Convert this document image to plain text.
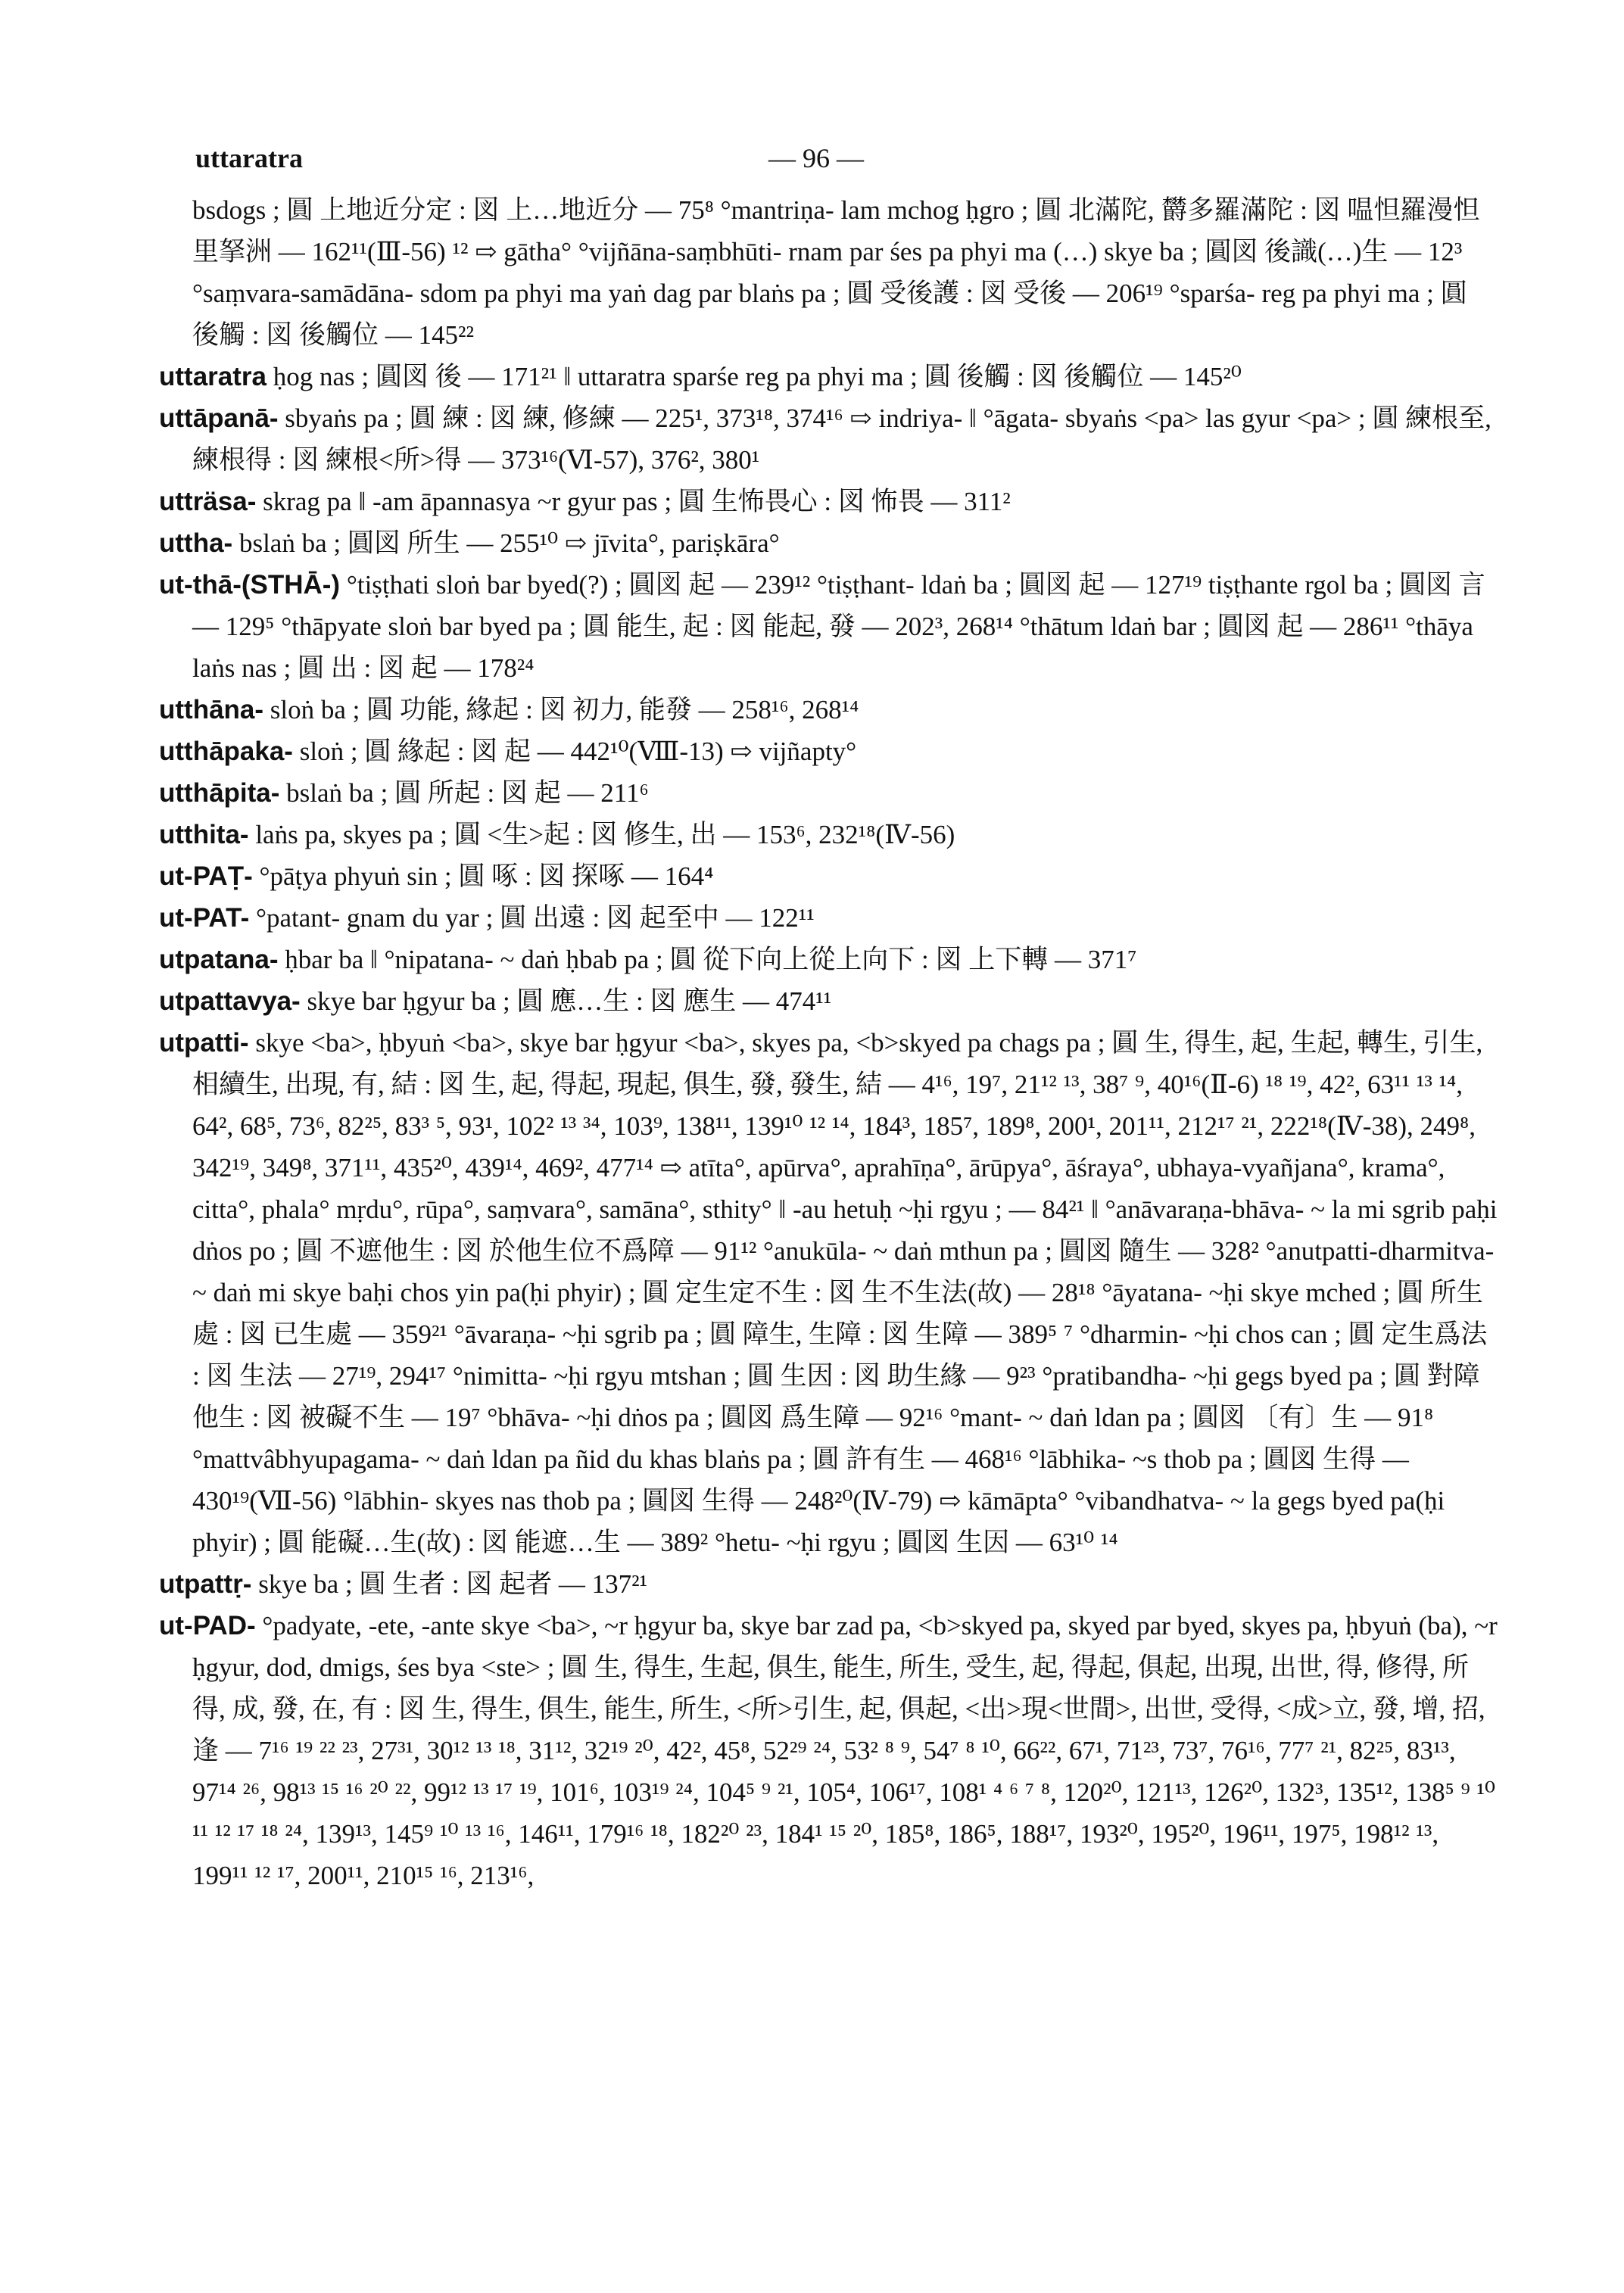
uttaratra	— 96 —

bsdogs ; 圓 上地近分定 : 図 上…地近分 — 75⁸ °mantriṇa- lam mchog ḥgro ; 圓 北滿陀, 欝多羅滿陀 : 図 嗢怛羅漫怛里拏洲 — 162¹¹(Ⅲ-56) ¹² ⇨ gātha° °vijñāna-saṃbhūti- rnam par śes pa phyi ma (…) skye ba ; 圓図 後識(…)生 — 12³ °saṃvara-samādāna- sdom pa phyi ma yaṅ dag par blaṅs pa ; 圓 受後護 : 図 受後 — 206¹⁹ °sparśa- reg pa phyi ma ; 圓 後觸 : 図 後觸位 — 145²²

uttaratra ḥog nas ; 圓図 後 — 171²¹ ‖ uttaratra sparśe reg pa phyi ma ; 圓 後觸 : 図 後觸位 — 145²⁰

uttāpanā- sbyaṅs pa ; 圓 練 : 図 練, 修練 — 225¹, 373¹⁸, 374¹⁶ ⇨ indriya- ‖ °āgata- sbyaṅs <pa> las gyur <pa> ; 圓 練根至, 練根得 : 図 練根<所>得 — 373¹⁶(Ⅵ-57), 376², 380¹

utträsa- skrag pa ‖ -am āpannasya ~r gyur pas ; 圓 生怖畏心 : 図 怖畏 — 311²

uttha- bslaṅ ba ; 圓図 所生 — 255¹⁰ ⇨ jīvita°, pariṣkāra°

ut-thā-(STHĀ-) °tiṣṭhati sloṅ bar byed(?) ; 圓図 起 — 239¹² °tiṣṭhant- ldaṅ ba ; 圓図 起 — 127¹⁹ tiṣṭhante rgol ba ; 圓図 言 — 129⁵ °thāpyate sloṅ bar byed pa ; 圓 能生, 起 : 図 能起, 發 — 202³, 268¹⁴ °thātum ldaṅ bar ; 圓図 起 — 286¹¹ °thāya laṅs nas ; 圓 出 : 図 起 — 178²⁴

utthāna- sloṅ ba ; 圓 功能, 緣起 : 図 初力, 能發 — 258¹⁶, 268¹⁴

utthāpaka- sloṅ ; 圓 緣起 : 図 起 — 442¹⁰(Ⅷ-13) ⇨ vijñapty°

utthāpita- bslaṅ ba ; 圓 所起 : 図 起 — 211⁶

utthita- laṅs pa, skyes pa ; 圓 <生>起 : 図 修生, 出 — 153⁶, 232¹⁸(Ⅳ-56)

ut-PAṬ- °pāṭya phyuṅ sin ; 圓 啄 : 図 探啄 — 164⁴

ut-PAT- °patant- gnam du yar ; 圓 出遠 : 図 起至中 — 122¹¹

utpatana- ḥbar ba ‖ °nipatana- ~ daṅ ḥbab pa ; 圓 從下向上從上向下 : 図 上下轉 — 371⁷

utpattavya- skye bar ḥgyur ba ; 圓 應…生 : 図 應生 — 474¹¹

utpatti- skye <ba>, ḥbyuṅ <ba>, skye bar ḥgyur <ba>, skyes pa, <b>skyed pa chags pa ; 圓 生, 得生, 起, 生起, 轉生, 引生, 相續生, 出現, 有, 結 : 図 生, 起, 得起, 現起, 俱生, 發, 發生, 結 — 4¹⁶, 19⁷, 21¹² ¹³, 38⁷ ⁹, 40¹⁶(Ⅱ-6) ¹⁸ ¹⁹, 42², 63¹¹ ¹³ ¹⁴, 64², 68⁵, 73⁶, 82²⁵, 83³ ⁵, 93¹, 102² ¹³ ³⁴, 103⁹, 138¹¹, 139¹⁰ ¹² ¹⁴, 184³, 185⁷, 189⁸, 200¹, 201¹¹, 212¹⁷ ²¹, 222¹⁸(Ⅳ-38), 249⁸, 342¹⁹, 349⁸, 371¹¹, 435²⁰, 439¹⁴, 469², 477¹⁴ ⇨ atīta°, apūrva°, aprahīṇa°, ārūpya°, āśraya°, ubhaya-vyañjana°, krama°, citta°, phala° mṛdu°, rūpa°, saṃvara°, samāna°, sthity° ‖ -au hetuḥ ~ḥi rgyu ; — 84²¹ ‖ °anāvaraṇa-bhāva- ~ la mi sgrib paḥi dṅos po ; 圓 不遮他生 : 図 於他生位不爲障 — 91¹² °anukūla- ~ daṅ mthun pa ; 圓図 隨生 — 328² °anutpatti-dharmitva- ~ daṅ mi skye baḥi chos yin pa(ḥi phyir) ; 圓 定生定不生 : 図 生不生法(故) — 28¹⁸ °āyatana- ~ḥi skye mched ; 圓 所生處 : 図 已生處 — 359²¹ °āvaraṇa- ~ḥi sgrib pa ; 圓 障生, 生障 : 図 生障 — 389⁵ ⁷ °dharmin- ~ḥi chos can ; 圓 定生爲法 : 図 生法 — 27¹⁹, 294¹⁷ °nimitta- ~ḥi rgyu mtshan ; 圓 生因 : 図 助生緣 — 9²³ °pratibandha- ~ḥi gegs byed pa ; 圓 對障他生 : 図 被礙不生 — 19⁷ °bhāva- ~ḥi dṅos pa ; 圓図 爲生障 — 92¹⁶ °mant- ~ daṅ ldan pa ; 圓図 〔有〕生 — 91⁸ °mattvâbhyupagama- ~ daṅ ldan pa ñid du khas blaṅs pa ; 圓 許有生 — 468¹⁶ °lābhika- ~s thob pa ; 圓図 生得 — 430¹⁹(Ⅶ-56) °lābhin- skyes nas thob pa ; 圓図 生得 — 248²⁰(Ⅳ-79) ⇨ kāmāpta° °vibandhatva- ~ la gegs byed pa(ḥi phyir) ; 圓 能礙…生(故) : 図 能遮…生 — 389² °hetu- ~ḥi rgyu ; 圓図 生因 — 63¹⁰ ¹⁴

utpattṛ- skye ba ; 圓 生者 : 図 起者 — 137²¹

ut-PAD- °padyate, -ete, -ante skye <ba>, ~r ḥgyur ba, skye bar zad pa, <b>skyed pa, skyed par byed, skyes pa, ḥbyuṅ (ba), ~r ḥgyur, dod, dmigs, śes bya <ste> ; 圓 生, 得生, 生起, 俱生, 能生, 所生, 受生, 起, 得起, 俱起, 出現, 出世, 得, 修得, 所得, 成, 發, 在, 有 : 図 生, 得生, 俱生, 能生, 所生, <所>引生, 起, 俱起, <出>現<世間>, 出世, 受得, <成>立, 發, 增, 招, 逢 — 7¹⁶ ¹⁹ ²² ²³, 27³¹, 30¹² ¹³ ¹⁸, 31¹², 32¹⁹ ²⁰, 42², 45⁸, 52²⁹ ²⁴, 53² ⁸ ⁹, 54⁷ ⁸ ¹⁰, 66²², 67¹, 71²³, 73⁷, 76¹⁶, 77⁷ ²¹, 82²⁵, 83¹³, 97¹⁴ ²⁶, 98¹³ ¹⁵ ¹⁶ ²⁰ ²², 99¹² ¹³ ¹⁷ ¹⁹, 101⁶, 103¹⁹ ²⁴, 104⁵ ⁹ ²¹, 105⁴, 106¹⁷, 108¹ ⁴ ⁶ ⁷ ⁸, 120²⁰, 121¹³, 126²⁰, 132³, 135¹², 138⁵ ⁹ ¹⁰ ¹¹ ¹² ¹⁷ ¹⁸ ²⁴, 139¹³, 145⁹ ¹⁰ ¹³ ¹⁶, 146¹¹, 179¹⁶ ¹⁸, 182²⁰ ²³, 184¹ ¹⁵ ²⁰, 185⁸, 186⁵, 188¹⁷, 193²⁰, 195²⁰, 196¹¹, 197⁵, 198¹² ¹³, 199¹¹ ¹² ¹⁷, 200¹¹, 210¹⁵ ¹⁶, 213¹⁶,
